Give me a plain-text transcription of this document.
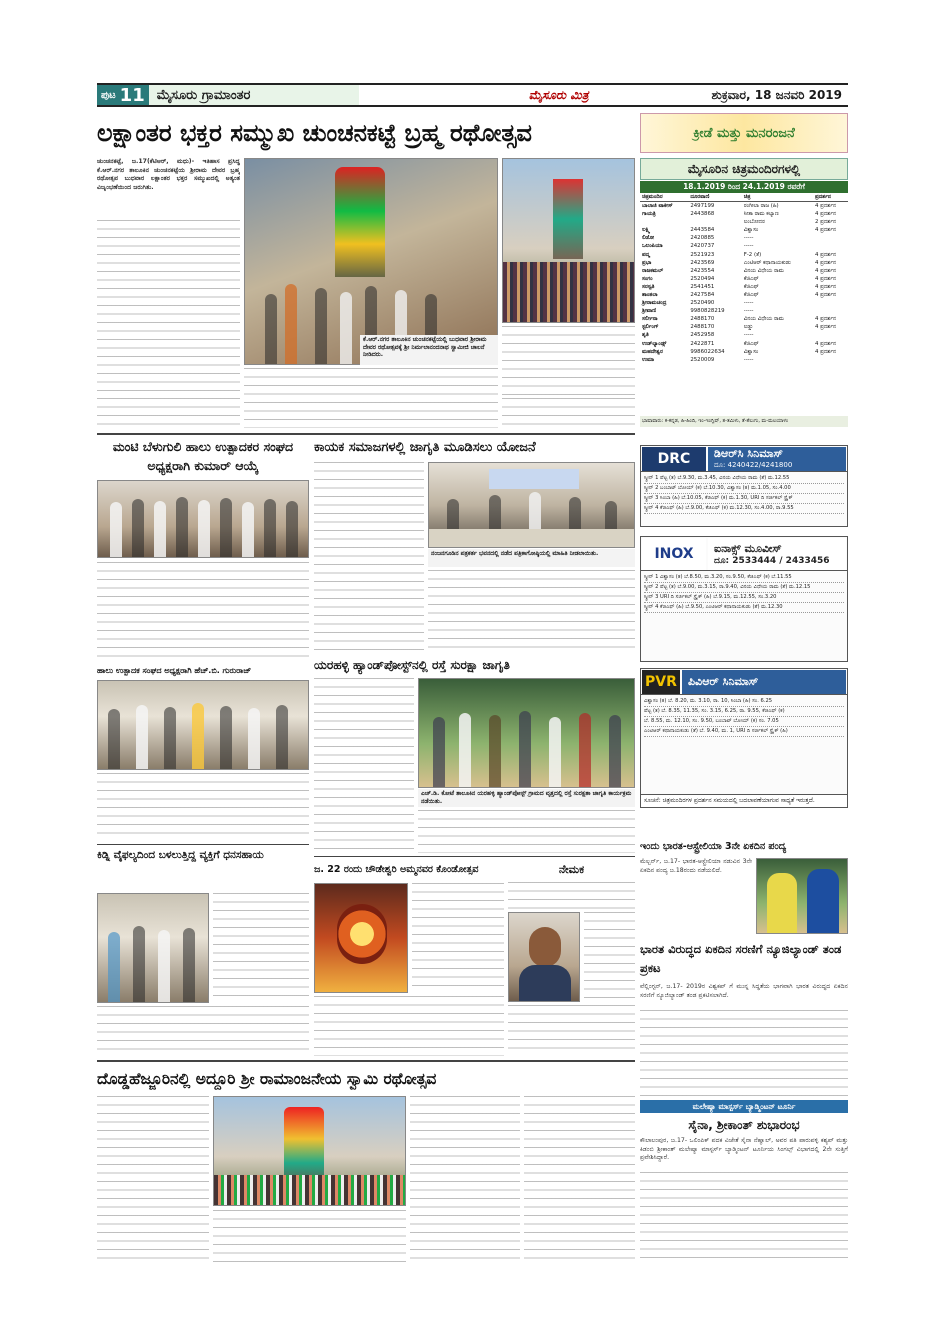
ಪುಟ 11 ಮೈಸೂರು ಗ್ರಾಮಾಂತರ	ಮೈಸೂರು ಮಿತ್ರ	ಶುಕ್ರವಾರ, 18 ಜನವರಿ 2019
ಲಕ್ಷಾಂತರ ಭಕ್ತರ ಸಮ್ಮುಖ ಚುಂಚನಕಟ್ಟೆ ಬ್ರಹ್ಮ ರಥೋತ್ಸವ
ಚುಂಚನಕಟ್ಟೆ, ಜ.17(ಕೆಟಿಆರ್, ಮಧು)- ಇತಿಹಾಸ ಪ್ರಸಿದ್ಧ ಕೆ.ಆರ್.ನಗರ ತಾಲೂಕಿನ ಚುಂಚನಕಟ್ಟೆಯ ಶ್ರೀರಾಮ ದೇವರ ಬ್ರಹ್ಮ ರಥೋತ್ಸವ ಬುಧವಾರ ಲಕ್ಷಾಂತರ ಭಕ್ತರ ಸಮ್ಮುಖದಲ್ಲಿ ಅತ್ಯಂತ ವಿಜೃಂಭಣೆಯಿಂದ ಜರುಗಿತು.
ಕೆ.ಆರ್.ನಗರ ತಾಲೂಕಿನ ಚುಂಚನಕಟ್ಟೆಯಲ್ಲಿ ಬುಧವಾರ ಶ್ರೀರಾಮ ದೇವರ ರಥೋತ್ಸವಕ್ಕೆ ಶ್ರೀ ನಿರ್ಮಲಾನಂದನಾಥ ಸ್ವಾಮೀಜಿ ಚಾಲನೆ ನೀಡಿದರು.
ಮಂಟಿ ಬೆಳುಗುಲಿ ಹಾಲು ಉತ್ಪಾದಕರ ಸಂಘದ ಅಧ್ಯಕ್ಷರಾಗಿ ಕುಮಾರ್ ಆಯ್ಕೆ
ಹಾಲು ಉತ್ಪಾದಕ ಸಂಘದ ಅಧ್ಯಕ್ಷರಾಗಿ ಹೆಚ್.ಬಿ. ಗುರುರಾಜ್
ಕಾಯಕ ಸಮಾಜಗಳಲ್ಲಿ ಜಾಗೃತಿ ಮೂಡಿಸಲು ಯೋಜನೆ
ನಂಜನಗೂಡಿನ ಪತ್ರಕರ್ತ ಭವನದಲ್ಲಿ ನಡೆದ ಪತ್ರಿಕಾಗೋಷ್ಠಿಯಲ್ಲಿ ಮಾಹಿತಿ ನೀಡಲಾಯಿತು.
ಯರಹಳ್ಳಿ ಹ್ಯಾಂಡ್‌ಪೋಸ್ಟ್‌ನಲ್ಲಿ ರಸ್ತೆ ಸುರಕ್ಷಾ ಜಾಗೃತಿ
ಎಚ್.ಡಿ. ಕೋಟೆ ತಾಲೂಕಿನ ಯರಹಳ್ಳಿ ಹ್ಯಾಂಡ್‌ಪೋಸ್ಟ್ ಗ್ರಾಮದ ವೃತ್ತದಲ್ಲಿ ರಸ್ತೆ ಸುರಕ್ಷತಾ ಜಾಗೃತಿ ಕಾರ್ಯಕ್ರಮ ನಡೆಯಿತು.
ಕಿಡ್ನಿ ವೈಫಲ್ಯದಿಂದ ಬಳಲುತ್ತಿದ್ದ ವ್ಯಕ್ತಿಗೆ ಧನಸಹಾಯ
ಜ. 22 ರಂದು ಚೌಡೇಶ್ವರಿ ಅಮ್ಮನವರ ಕೊಂಡೋತ್ಸವ	ನೇಮಕ
ದೊಡ್ಡಹೆಜ್ಜೂರಿನಲ್ಲಿ ಅದ್ದೂರಿ ಶ್ರೀ ರಾಮಾಂಜನೇಯ ಸ್ವಾಮಿ ರಥೋತ್ಸವ
ಕ್ರೀಡೆ ಮತ್ತು ಮನರಂಜನೆ
ಮೈಸೂರಿನ ಚಿತ್ರಮಂದಿರಗಳಲ್ಲಿ
18.1.2019 ರಿಂದ 24.1.2019 ರವರೆಗೆ
ಚಿತ್ರಮಂದಿರ	ದೂರವಾಣಿ	ಚಿತ್ರ	ಪ್ರದರ್ಶನ
ಬಾಲಾಜಿ ಟಾಕೀಸ್	2497199	ರಂಗೀಲಾ ರಾಜ (ಹಿ)	4 ಪ್ರದರ್ಶನ
ಗಾಯತ್ರಿ	2443868	ಸೀತಾ ರಾಮ ಕಲ್ಯಾಣ	4 ಪ್ರದರ್ಶನ
		ಲಂಬೋದರ	2 ಪ್ರದರ್ಶನ
ಲಕ್ಷ್ಮಿ	2443584	ವಿಶ್ವಾಸಂ	4 ಪ್ರದರ್ಶನ
ಲಿಡೋ	2420885	-----	
ಒಲಂಪಿಯಾ	2420737	-----	
ಪದ್ಮ	2521923	F-2 (ತೆ)	4 ಪ್ರದರ್ಶನ
ಪ್ರಭಾ	2423569	ಎಂಟಿಆರ್ ಕಥಾನಾಯಕುಡು	4 ಪ್ರದರ್ಶನ
ರಾಜಕಮಲ್	2423554	ವಿನಯ ವಿಧೇಯ ರಾಮ	4 ಪ್ರದರ್ಶನ
ಸಂಗಂ	2520494	ಕೆಜಿಎಫ್	4 ಪ್ರದರ್ಶನ
ಸರಸ್ವತಿ	2541451	ಕೆಜಿಎಫ್	4 ಪ್ರದರ್ಶನ
ಶಾಂತಲಾ	2427584	ಕೆಜಿಎಫ್	4 ಪ್ರದರ್ಶನ
ಶ್ರೀರಾಮಚಂದ್ರ	2520490	-----	
ಶ್ರೀವಾಣಿ	9980828219	-----	
ಸರ್ಲೀನಾ	2488170	ವಿನಯ ವಿಧೇಯ ರಾಮ	4 ಪ್ರದರ್ಶನ
ಸ್ಟರ್ಲಿಂಗ್	2488170	ಲಡ್ಡು	4 ಪ್ರದರ್ಶನ
ಶೃತಿ	2452958	-----	
ಉಡ್‌ಲ್ಯಾಂಡ್ಸ್	2422871	ಕೆಜಿಎಫ್	4 ಪ್ರದರ್ಶನ
ಮಹದೇಶ್ವರ	9986022634	ವಿಶ್ವಾಸಂ	4 ಪ್ರದರ್ಶನ
ಉಮಾ	2520009	-----	
ಭಾಷಾವಾರು: ಕ-ಕನ್ನಡ, ಹಿ-ಹಿಂದಿ, ಇಂ-ಇಂಗ್ಲಿಷ್, ತ-ತಮಿಳು, ತೆ-ತೆಲುಗು, ಮ-ಮಲಯಾಳಂ
DRC	ಡಿಆರ್‌ಸಿ ಸಿನಿಮಾಸ್
ದೂ: 4240422/4241800
ಸ್ಕ್ರೀನ್ 1 ಪೆಟ್ಟ (ತ) ಬೆ.9.30, ಮ.3.45, ವಿನಯ ವಿಧೇಯ ರಾಮ (ತೆ) ಮ.12.55
ಸ್ಕ್ರೀನ್ 2 ಬಂಬಾಟ್ ಬೋಯ್ (ಕ) ಬೆ.10.30, ವಿಶ್ವಾಸಂ (ತ) ಮ.1.05, ಸಂ.4.00
ಸ್ಕ್ರೀನ್ 3 ಸಿಂಬಾ (ಹಿ) ಬೆ.10.05, ಕೆಜಿಎಫ್ (ಕ) ಮ.1.30, URI ದಿ ಸರ್ಜಿಕಲ್ ಸ್ಟ್ರೈಕ್
ಸ್ಕ್ರೀನ್ 4 ಕೆಜಿಎಫ್ (ಹಿ) ಬೆ.9.00, ಕೆಜಿಎಫ್ (ಕ) ಮ.12.30, ಸಂ.4.00, ರಾ.9.55
INOX	ಐನಾಕ್ಸ್ ಮೂವೀಸ್
ದೂ: 2533444 / 2433456
ಸ್ಕ್ರೀನ್ 1 ವಿಶ್ವಾಸಂ (ತ) ಬೆ.8.50, ಮ.3.20, ಸಂ.9.50, ಕೆಜಿಎಫ್ (ಕ) ಬೆ.11.55
ಸ್ಕ್ರೀನ್ 2 ಪೆಟ್ಟ (ತ) ಬೆ.9.00, ಮ.3.15, ರಾ.9.40, ವಿನಯ ವಿಧೇಯ ರಾಮ (ತೆ) ಮ.12.15
ಸ್ಕ್ರೀನ್ 3 URI ದಿ ಸರ್ಜಿಕಲ್ ಸ್ಟ್ರೈಕ್ (ಹಿ) ಬೆ.9.15, ಮ.12.55, ಸಂ.3.20
ಸ್ಕ್ರೀನ್ 4 ಕೆಜಿಎಫ್ (ಹಿ) ಬೆ.9.50, ಎಂಟಿಆರ್ ಕಥಾನಾಯಕುಡು (ತೆ) ಮ.12.30
PVR	ಪಿವಿಆರ್ ಸಿನಿಮಾಸ್
ವಿಶ್ವಾಸಂ (ತ) ಬೆ. 8.20, ಮ. 3.10, ರಾ. 10, ಸಿಂಬಾ (ಹಿ) ಸಂ. 6.25
ಪೆಟ್ಟ (ತ) ಬೆ. 8.35, 11.35, ಸಂ. 3.15, 6.25, ರಾ. 9.55, ಕೆಜಿಎಫ್ (ಕ)
ಬೆ. 8.55, ಮ. 12.10, ಸಂ. 9.50, ಬಂಬಾಟ್ ಬೋಯ್ (ಕ) ಸಂ. 7.05
ಎಂಟಿಆರ್ ಕಥಾನಾಯಕುಡು (ತೆ) ಬೆ. 9.40, ಮ. 1, URI ದಿ ಸರ್ಜಿಕಲ್ ಸ್ಟ್ರೈಕ್ (ಹಿ)
ಸೂಚನೆ: ಚಿತ್ರಮಂದಿರಗಳ ಪ್ರದರ್ಶನ ಸಮಯದಲ್ಲಿ ಬದಲಾವಣೆಯಾಗುವ ಸಾಧ್ಯತೆ ಇರುತ್ತದೆ.
ಇಂದು ಭಾರತ-ಆಸ್ಟ್ರೇಲಿಯಾ 3ನೇ ಏಕದಿನ ಪಂದ್ಯ
ಮೆಲ್ಬರ್ನ್, ಜ.17- ಭಾರತ-ಆಸ್ಟ್ರೇಲಿಯಾ ನಡುವಿನ 3ನೇ ಏಕದಿನ ಪಂದ್ಯ ಜ.18ರಂದು ನಡೆಯಲಿದೆ.
ಭಾರತ ವಿರುದ್ಧದ ಏಕದಿನ ಸರಣಿಗೆ ನ್ಯೂಜಿಲ್ಯಾಂಡ್ ತಂಡ ಪ್ರಕಟ
ವೆಲ್ಲಿಂಗ್ಟನ್, ಜ.17- 2019ರ ವಿಶ್ವಕಪ್ ಗೆ ಮುನ್ನ ಸಿದ್ಧತೆಯ ಭಾಗವಾಗಿ ಭಾರತ ವಿರುದ್ಧದ ಏಕದಿನ ಸರಣಿಗೆ ನ್ಯೂಜಿಲ್ಯಾಂಡ್ ತಂಡ ಪ್ರಕಟಿಸಲಾಗಿದೆ.
ಮಲೇಷ್ಯಾ ಮಾಸ್ಟರ್ಸ್ ಬ್ಯಾಡ್ಮಿಂಟನ್ ಟೂರ್ನಿ
ಸೈನಾ, ಶ್ರೀಕಾಂತ್ ಶುಭಾರಂಭ
ಕೌಲಾಲಂಪುರ, ಜ.17- ಒಲಿಂಪಿಕ್ ಪದಕ ವಿಜೇತೆ ಸೈನಾ ನೆಹ್ವಾಲ್, ಅವರ ಪತಿ ಪಾರುಪಳ್ಳಿ ಕಶ್ಯಪ್ ಮತ್ತು ಕಿಡಂಬಿ ಶ್ರೀಕಾಂತ್ ಮಲೇಷ್ಯಾ ಮಾಸ್ಟರ್ಸ್ ಬ್ಯಾಡ್ಮಿಂಟನ್ ಟೂರ್ನಿಯ ಸಿಂಗಲ್ಸ್ ವಿಭಾಗದಲ್ಲಿ 2ನೇ ಸುತ್ತಿಗೆ ಪ್ರವೇಶಿಸಿದ್ದಾರೆ.
